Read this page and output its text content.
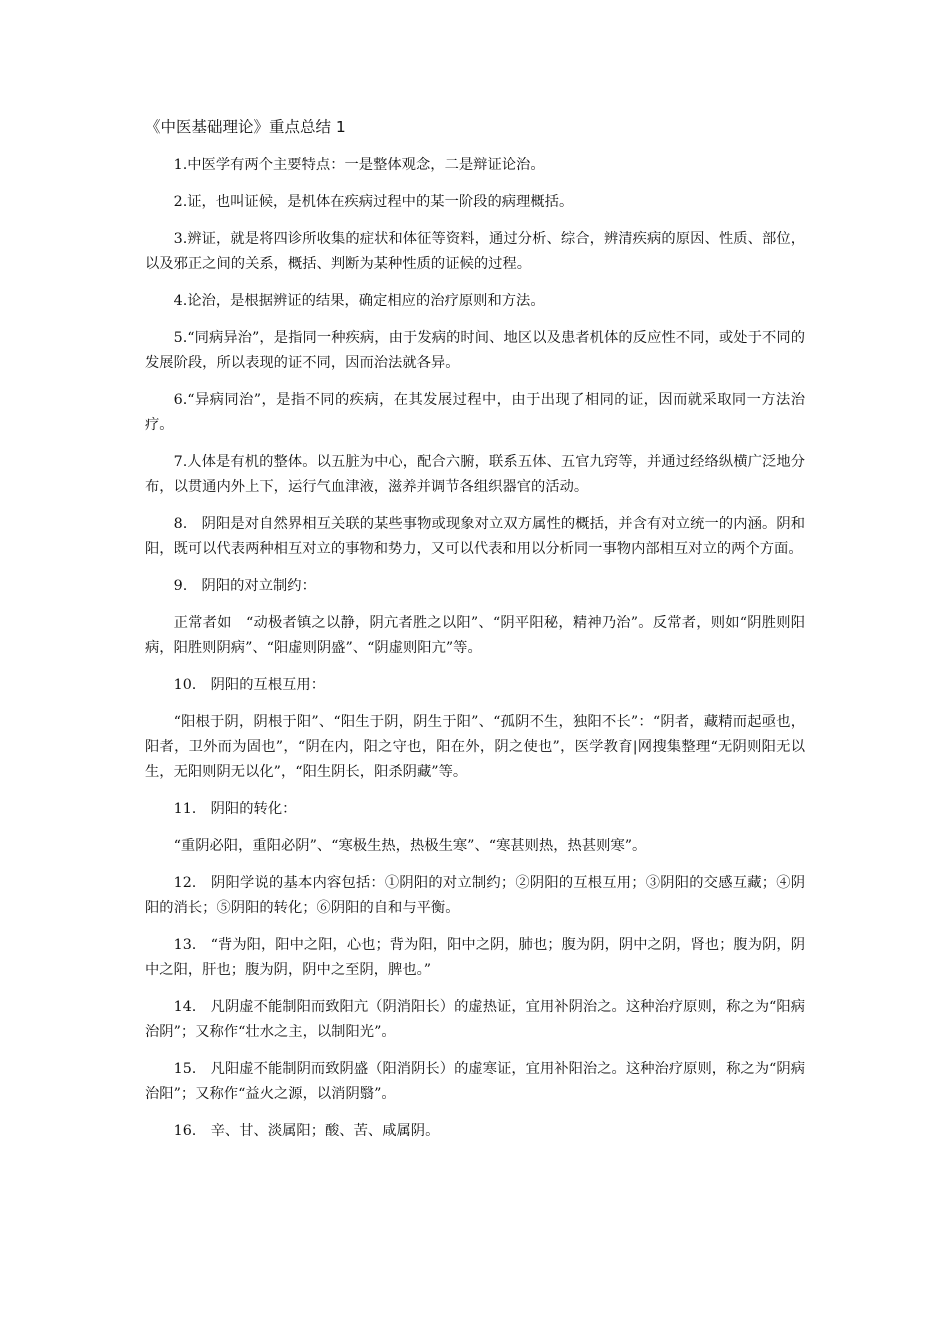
《中医基础理论》重点总结 1

1.中医学有两个主要特点：一是整体观念，二是辩证论治。

2.证，也叫证候，是机体在疾病过程中的某一阶段的病理概括。

3.辨证，就是将四诊所收集的症状和体征等资料，通过分析、综合，辨清疾病的原因、性质、部位，以及邪正之间的关系，概括、判断为某种性质的证候的过程。

4.论治，是根据辨证的结果，确定相应的治疗原则和方法。

5.“同病异治”，是指同一种疾病，由于发病的时间、地区以及患者机体的反应性不同，或处于不同的发展阶段，所以表现的证不同，因而治法就各异。

6.“异病同治”，是指不同的疾病，在其发展过程中，由于出现了相同的证，因而就采取同一方法治疗。

7.人体是有机的整体。以五脏为中心，配合六腑，联系五体、五官九窍等，并通过经络纵横广泛地分布，以贯通内外上下，运行气血津液，滋养并调节各组织器官的活动。

8.　阴阳是对自然界相互关联的某些事物或现象对立双方属性的概括，并含有对立统一的内涵。阴和阳，既可以代表两种相互对立的事物和势力，又可以代表和用以分析同一事物内部相互对立的两个方面。

9.　阴阳的对立制约：

正常者如　“动极者镇之以静，阴亢者胜之以阳”、“阴平阳秘，精神乃治”。反常者，则如“阴胜则阳病，阳胜则阴病”、“阳虚则阴盛”、“阴虚则阳亢”等。

10.　阴阳的互根互用：

“阳根于阴，阴根于阳”、“阳生于阴，阴生于阳”、“孤阴不生，独阳不长”：“阴者，藏精而起亟也，阳者，卫外而为固也”，“阴在内，阳之守也，阳在外，阴之使也”，医学教育|网搜集整理“无阴则阳无以生，无阳则阴无以化”，“阳生阴长，阳杀阴藏”等。

11.　阴阳的转化：

“重阴必阳，重阳必阴”、“寒极生热，热极生寒”、“寒甚则热，热甚则寒”。

12.　阴阳学说的基本内容包括：①阴阳的对立制约；②阴阳的互根互用；③阴阳的交感互藏；④阴阳的消长；⑤阴阳的转化；⑥阴阳的自和与平衡。

13.　“背为阳，阳中之阳，心也；背为阳，阳中之阴，肺也；腹为阴，阴中之阴，肾也；腹为阴，阴中之阳，肝也；腹为阴，阴中之至阴，脾也。”

14.　凡阴虚不能制阳而致阳亢（阴消阳长）的虚热证，宜用补阴治之。这种治疗原则，称之为“阳病治阴”；又称作“壮水之主，以制阳光”。

15.　凡阳虚不能制阴而致阴盛（阳消阴长）的虚寒证，宜用补阳治之。这种治疗原则，称之为“阴病治阳”；又称作“益火之源，以消阴翳”。

16.　辛、甘、淡属阳；酸、苦、咸属阴。
